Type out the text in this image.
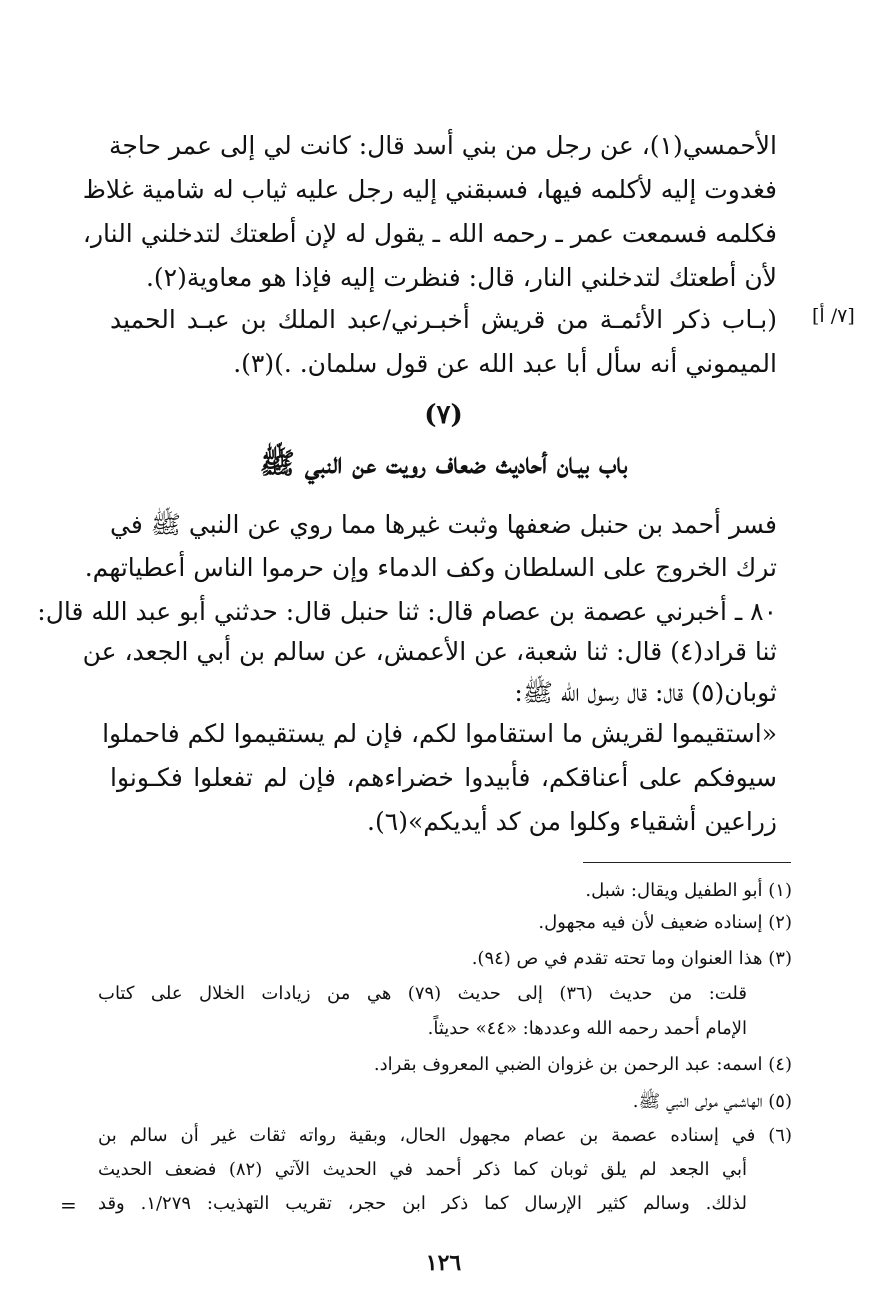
[٧/ أ]
الأحمسي(١)، عن رجل من بني أسد قال: كانت لي إلى عمر حاجة
فغدوت إليه لأكلمه فيها، فسبقني إليه رجل عليه ثياب له شامية غلاظ
فكلمه فسمعت عمر ـ رحمه الله ـ يقول له لإن أطعتك لتدخلني النار،
لأن أطعتك لتدخلني النار، قال: فنظرت إليه فإذا هو معاوية(٢).
(بـاب ذكر الأئمـة من قريش أخبـرني/عبد الملك بن عبـد الحميد
الميموني أنه سأل أبا عبد الله عن قول سلمان. .)(٣).
(٧)
باب بيـان أحاديث ضعاف رويت عن النبي ﷺ
فسر أحمد بن حنبل ضعفها وثبت غيرها مما روي عن النبي ﷺ في
ترك الخروج على السلطان وكف الدماء وإن حرموا الناس أعطياتهم.
٨٠ ـ أخبرني عصمة بن عصام قال: ثنا حنبل قال: حدثني أبو عبد الله قال:
ثنا قراد(٤) قال: ثنا شعبة، عن الأعمش، عن سالم بن أبي الجعد، عن
ثوبان(٥) قال: قال رسول الله ﷺ:
«استقيموا لقريش ما استقاموا لكم، فإن لم يستقيموا لكم فاحملوا
سيوفكم على أعناقكم، فأبيدوا خضراءهم، فإن لم تفعلوا فكـونوا
زراعين أشقياء وكلوا من كد أيديكم»(٦).
(١) أبو الطفيل ويقال: شبل.
(٢) إسناده ضعيف لأن فيه مجهول.
(٣) هذا العنوان وما تحته تقدم في ص (٩٤).
قلت: من حديث (٣٦) إلى حديث (٧٩) هي من زيادات الخلال على كتاب
الإمام أحمد رحمه الله وعددها: «٤٤» حديثاً.
(٤) اسمه: عبد الرحمن بن غزوان الضبي المعروف بقراد.
(٥) الهاشمي مولى النبي ﷺ.
(٦) في إسناده عصمة بن عصام مجهول الحال، وبقية رواته ثقات غير أن سالم بن
أبي الجعد لم يلق ثوبان كما ذكر أحمد في الحديث الآتي (٨٢) فضعف الحديث
لذلك. وسالم كثير الإرسال كما ذكر ابن حجر، تقريب التهذيب: ١/٢٧٩. وقد
=
١٢٦
